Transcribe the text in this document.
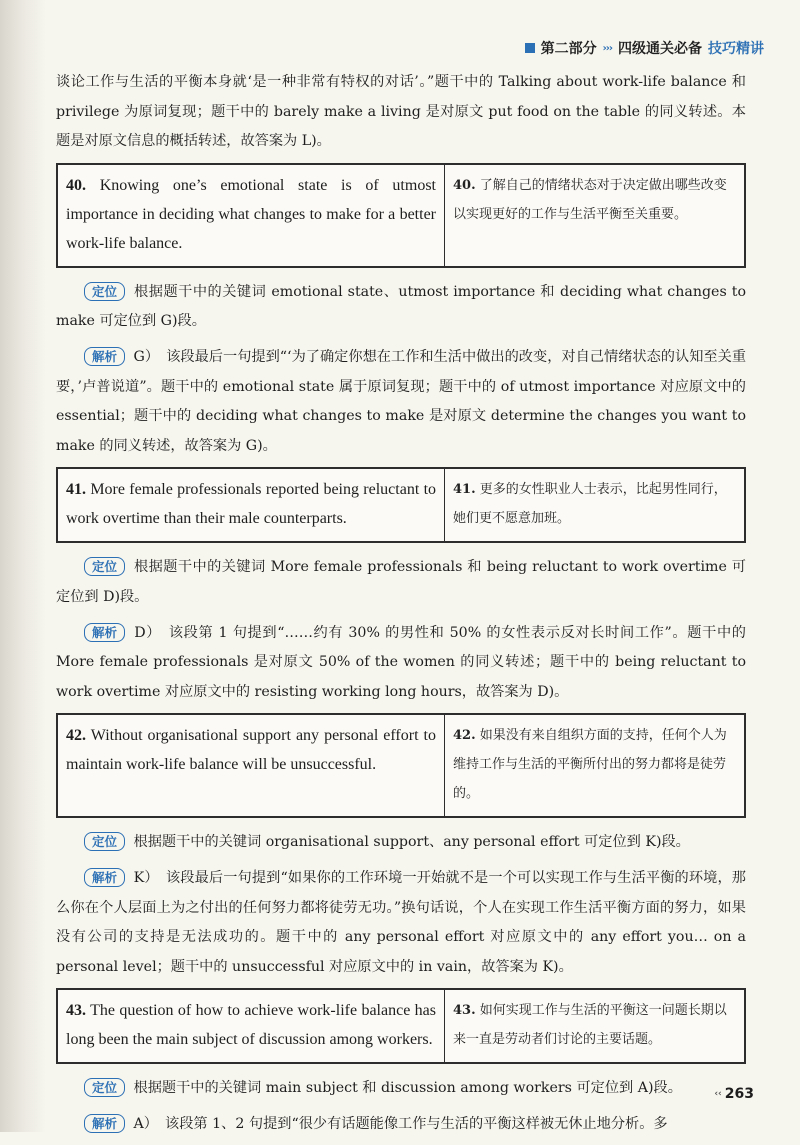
第二部分 ››› 四级通关必备 技巧精讲

谈论工作与生活的平衡本身就‘是一种非常有特权的对话’。”题干中的 Talking about work-life balance 和 privilege 为原词复现；题干中的 barely make a living 是对原文 put food on the table 的同义转述。本题是对原文信息的概括转述，故答案为 L)。

40. Knowing one’s emotional state is of utmost importance in deciding what changes to make for a better work-life balance.
40. 了解自己的情绪状态对于决定做出哪些改变以实现更好的工作与生活平衡至关重要。

定位 根据题干中的关键词 emotional state、utmost importance 和 deciding what changes to make 可定位到 G)段。

解析 G）　该段最后一句提到“‘为了确定你想在工作和生活中做出的改变，对自己情绪状态的认知至关重要，’卢普说道”。题干中的 emotional state 属于原词复现；题干中的 of utmost importance 对应原文中的 essential；题干中的 deciding what changes to make 是对原文 determine the changes you want to make 的同义转述，故答案为 G)。

41. More female professionals reported being reluctant to work overtime than their male counterparts.
41. 更多的女性职业人士表示，比起男性同行，她们更不愿意加班。

定位 根据题干中的关键词 More female professionals 和 being reluctant to work overtime 可定位到 D)段。

解析 D）　该段第 1 句提到“……约有 30% 的男性和 50% 的女性表示反对长时间工作”。题干中的 More female professionals 是对原文 50% of the women 的同义转述；题干中的 being reluctant to work overtime 对应原文中的 resisting working long hours，故答案为 D)。

42. Without organisational support any personal effort to maintain work-life balance will be unsuccessful.
42. 如果没有来自组织方面的支持，任何个人为维持工作与生活的平衡所付出的努力都将是徒劳的。

定位 根据题干中的关键词 organisational support、any personal effort 可定位到 K)段。

解析 K）　该段最后一句提到“如果你的工作环境一开始就不是一个可以实现工作与生活平衡的环境，那么你在个人层面上为之付出的任何努力都将徒劳无功。”换句话说，个人在实现工作生活平衡方面的努力，如果没有公司的支持是无法成功的。题干中的 any personal effort 对应原文中的 any effort you… on a personal level；题干中的 unsuccessful 对应原文中的 in vain，故答案为 K)。

43. The question of how to achieve work-life balance has long been the main subject of discussion among workers.
43. 如何实现工作与生活的平衡这一问题长期以来一直是劳动者们讨论的主要话题。

定位 根据题干中的关键词 main subject 和 discussion among workers 可定位到 A)段。

解析 A）　该段第 1、2 句提到“很少有话题能像工作与生活的平衡这样被无休止地分析。多

‹‹ 263
